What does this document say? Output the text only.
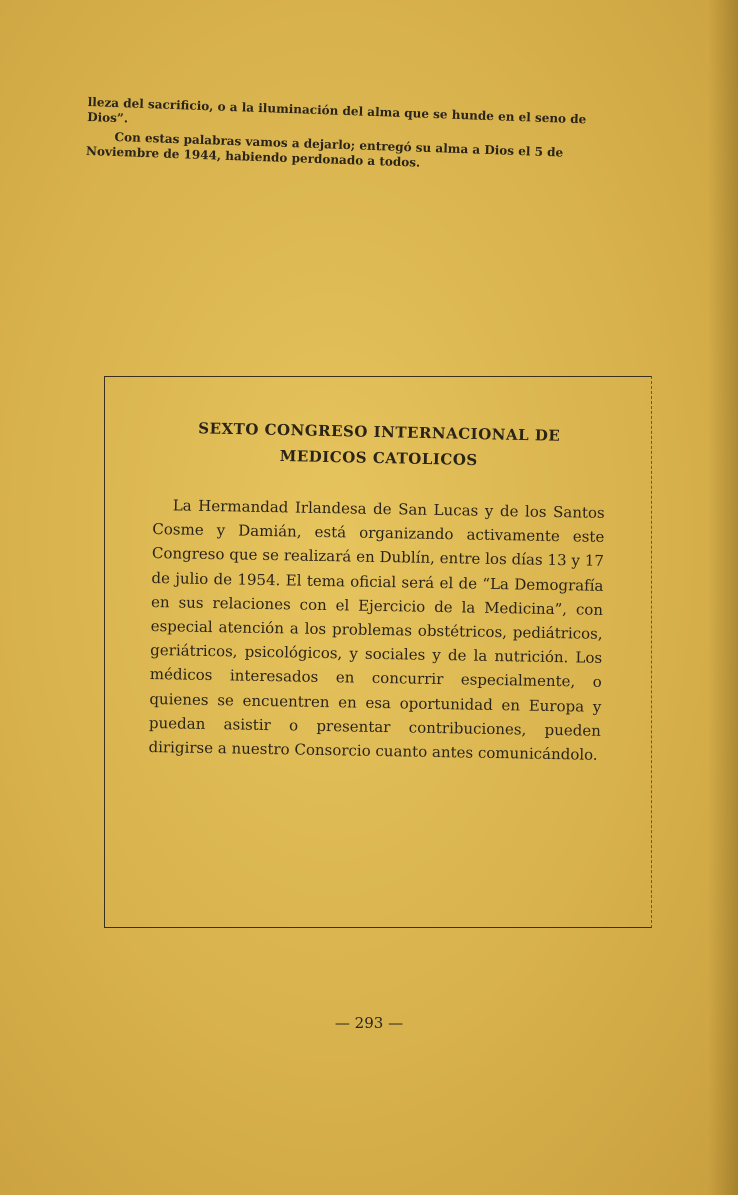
lleza del sacrificio, o a la iluminación del alma que se hunde en el seno de Dios”.

Con estas palabras vamos a dejarlo; entregó su alma a Dios el 5 de Noviembre de 1944, habiendo perdonado a todos.

SEXTO CONGRESO INTERNACIONAL DE
MEDICOS CATOLICOS

La Hermandad Irlandesa de San Lucas y de los Santos Cosme y Damián, está organizando activamente este Congreso que se realizará en Dublín, entre los días 13 y 17 de julio de 1954. El tema oficial será el de “La Demografía en sus relaciones con el Ejercicio de la Medicina”, con especial atención a los problemas obstétricos, pediátricos, geriátricos, psicológicos, y sociales y de la nutrición. Los médicos interesados en concurrir especialmente, o quienes se encuentren en esa oportunidad en Europa y puedan asistir o presentar contribuciones, pueden dirigirse a nuestro Consorcio cuanto antes comunicándolo.

— 293 —
